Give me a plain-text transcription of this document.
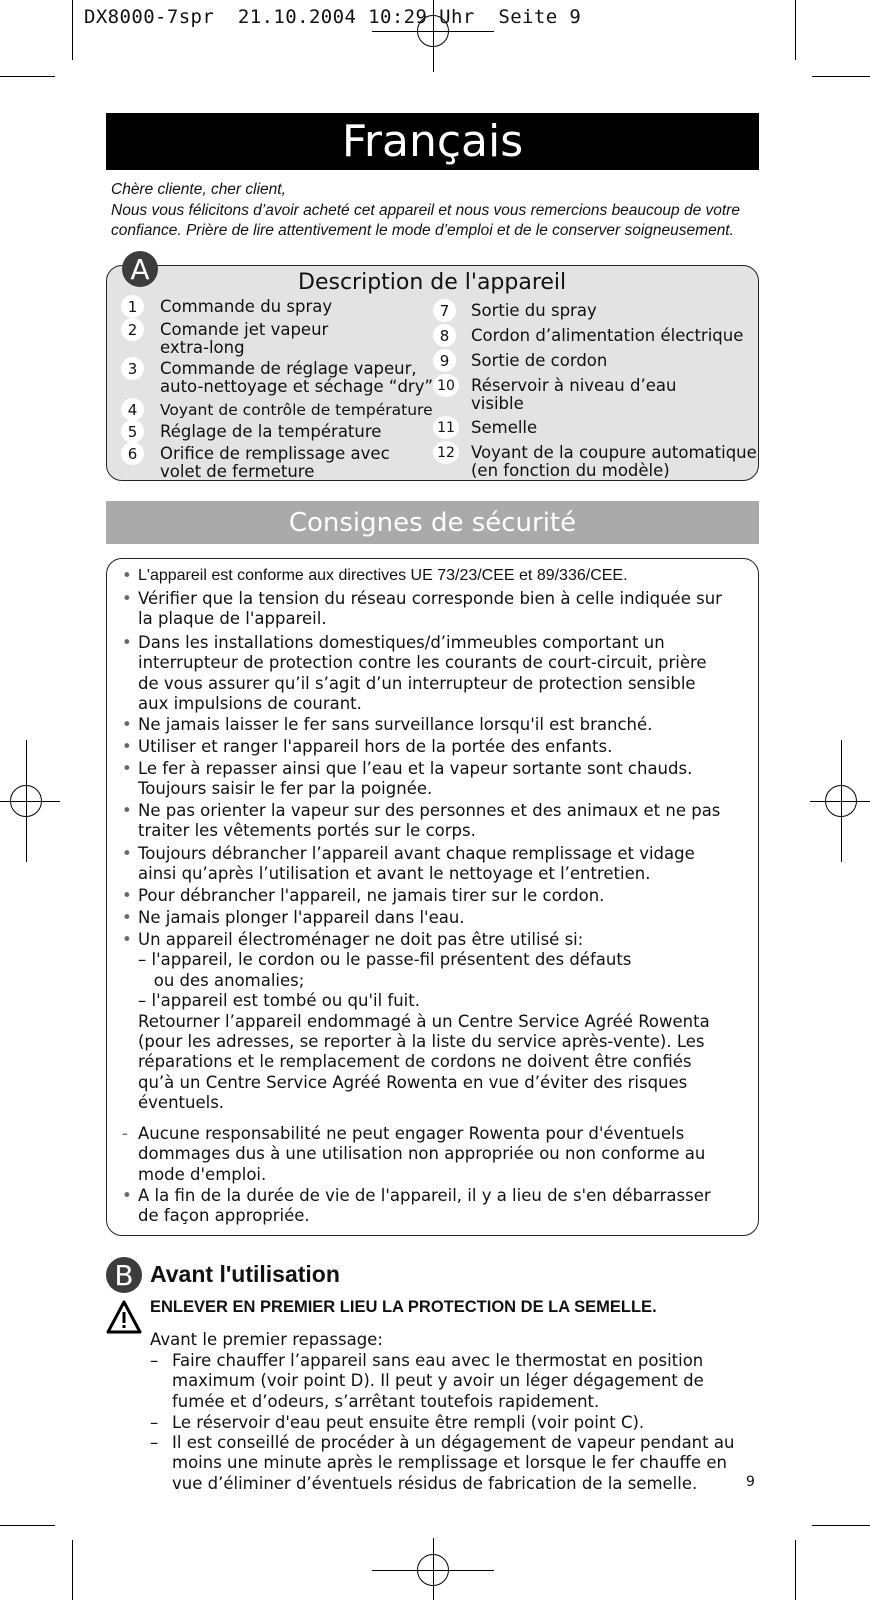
DX8000-7spr  21.10.2004 10:29 Uhr  Seite 9
Français
Chère cliente, cher client,
Nous vous félicitons d’avoir acheté cet appareil et nous vous remercions beaucoup de votre
confiance. Prière de lire attentivement le mode d’emploi et de le conserver soigneusement.
A	Description de l'appareil
1	Commande du spray
2	Comande jet vapeur
extra-long
3	Commande de réglage vapeur,
auto-nettoyage et séchage “dry”
4	Voyant de contrôle de température
5	Réglage de la température
6	Orifice de remplissage avec
volet de fermeture
7	Sortie du spray
8	Cordon d’alimentation électrique
9	Sortie de cordon
10 Réservoir à niveau d’eau
visible
11 Semelle
12 Voyant de la coupure automatique
(en fonction du modèle)
Consignes de sécurité
• L'appareil est conforme aux directives UE 73/23/CEE et 89/336/CEE.
• Vérifier que la tension du réseau corresponde bien à celle indiquée sur
la plaque de l'appareil.
• Dans les installations domestiques/d’immeubles comportant un
interrupteur de protection contre les courants de court-circuit, prière
de vous assurer qu’il s’agit d’un interrupteur de protection sensible
aux impulsions de courant.
• Ne jamais laisser le fer sans surveillance lorsqu'il est branché.
• Utiliser et ranger l'appareil hors de la portée des enfants.
• Le fer à repasser ainsi que l’eau et la vapeur sortante sont chauds.
Toujours saisir le fer par la poignée.
• Ne pas orienter la vapeur sur des personnes et des animaux et ne pas
traiter les vêtements portés sur le corps.
• Toujours débrancher l’appareil avant chaque remplissage et vidage
ainsi qu’après l’utilisation et avant le nettoyage et l’entretien.
• Pour débrancher l'appareil, ne jamais tirer sur le cordon.
• Ne jamais plonger l'appareil dans l'eau.
• Un appareil électroménager ne doit pas être utilisé si:
– l'appareil, le cordon ou le passe-fil présentent des défauts
ou des anomalies;
– l'appareil est tombé ou qu'il fuit.
Retourner l’appareil endommagé à un Centre Service Agréé Rowenta
(pour les adresses, se reporter à la liste du service après-vente). Les
réparations et le remplacement de cordons ne doivent être confiés
qu’à un Centre Service Agréé Rowenta en vue d’éviter des risques
éventuels.
- Aucune responsabilité ne peut engager Rowenta pour d'éventuels
dommages dus à une utilisation non appropriée ou non conforme au
mode d'emploi.
• A la fin de la durée de vie de l'appareil, il y a lieu de s'en débarrasser
de façon appropriée.
B Avant l'utilisation
ENLEVER EN PREMIER LIEU LA PROTECTION DE LA SEMELLE.
Avant le premier repassage:
– Faire chauffer l’appareil sans eau avec le thermostat en position
maximum (voir point D). Il peut y avoir un léger dégagement de
fumée et d’odeurs, s’arrêtant toutefois rapidement.
– Le réservoir d'eau peut ensuite être rempli (voir point C).
– Il est conseillé de procéder à un dégagement de vapeur pendant au
moins une minute après le remplissage et lorsque le fer chauffe en
vue d’éliminer d’éventuels résidus de fabrication de la semelle.	9
